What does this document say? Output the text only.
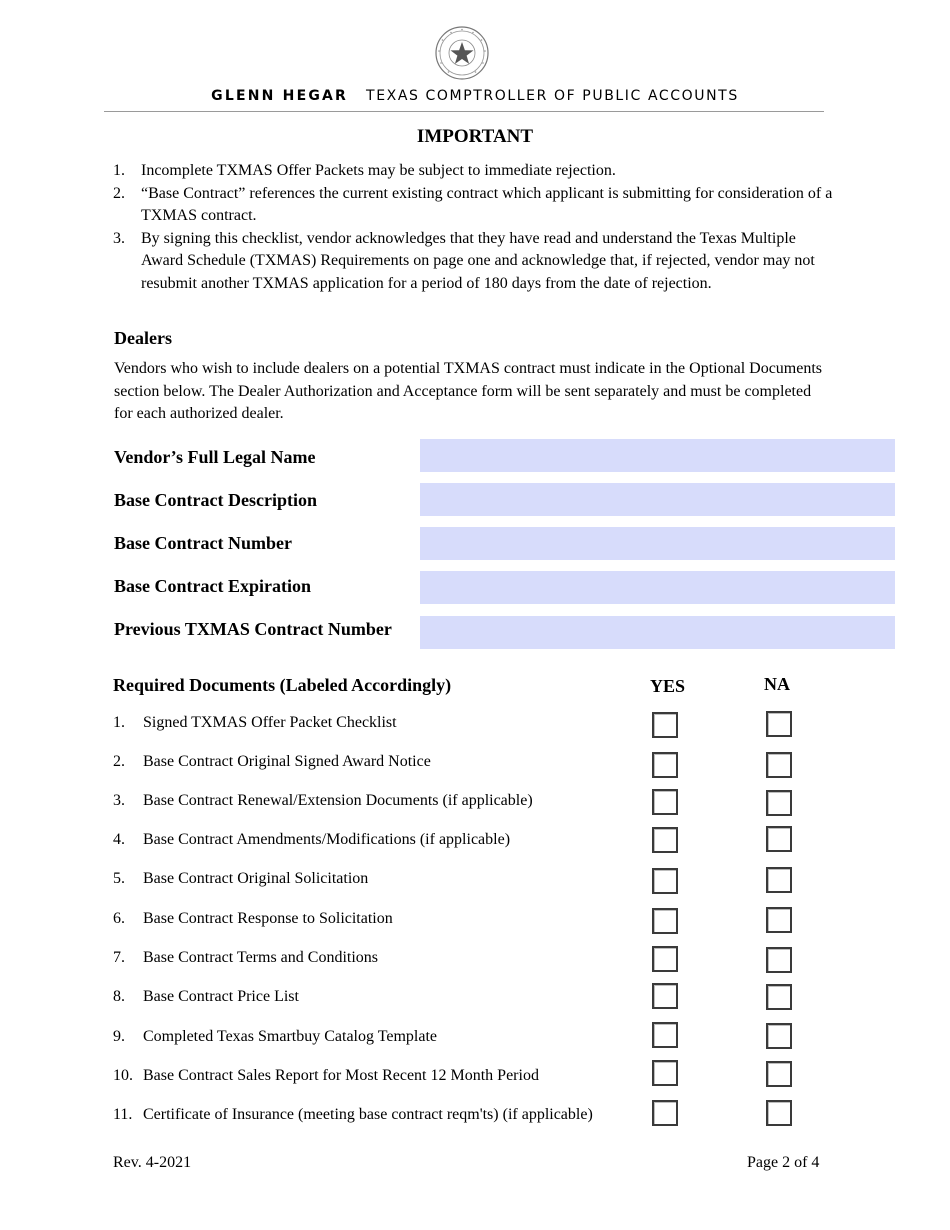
GLENN HEGAR TEXAS COMPTROLLER OF PUBLIC ACCOUNTS
IMPORTANT

1. Incomplete TXMAS Offer Packets may be subject to immediate rejection.

2. “Base Contract” references the current existing contract which applicant is submitting for consideration of a TXMAS contract.

3. By signing this checklist, vendor acknowledges that they have read and understand the Texas Multiple Award Schedule (TXMAS) Requirements on page one and acknowledge that, if rejected, vendor may not resubmit another TXMAS application for a period of 180 days from the date of rejection.

Dealers
Vendors who wish to include dealers on a potential TXMAS contract must indicate in the Optional Documents section below. The Dealer Authorization and Acceptance form will be sent separately and must be completed for each authorized dealer.
Vendor’s Full Legal Name
Base Contract Description
Base Contract Number
Base Contract Expiration
Previous TXMAS Contract Number
Required Documents (Labeled Accordingly)	YES	NA
1. Signed TXMAS Offer Packet Checklist
2. Base Contract Original Signed Award Notice
3. Base Contract Renewal/Extension Documents (if applicable)
4. Base Contract Amendments/Modifications (if applicable)
5. Base Contract Original Solicitation
6. Base Contract Response to Solicitation
7. Base Contract Terms and Conditions
8. Base Contract Price List
9. Completed Texas Smartbuy Catalog Template
10. Base Contract Sales Report for Most Recent 12 Month Period
11. Certificate of Insurance (meeting base contract reqm'ts) (if applicable)
Rev. 4-2021	Page 2 of 4
